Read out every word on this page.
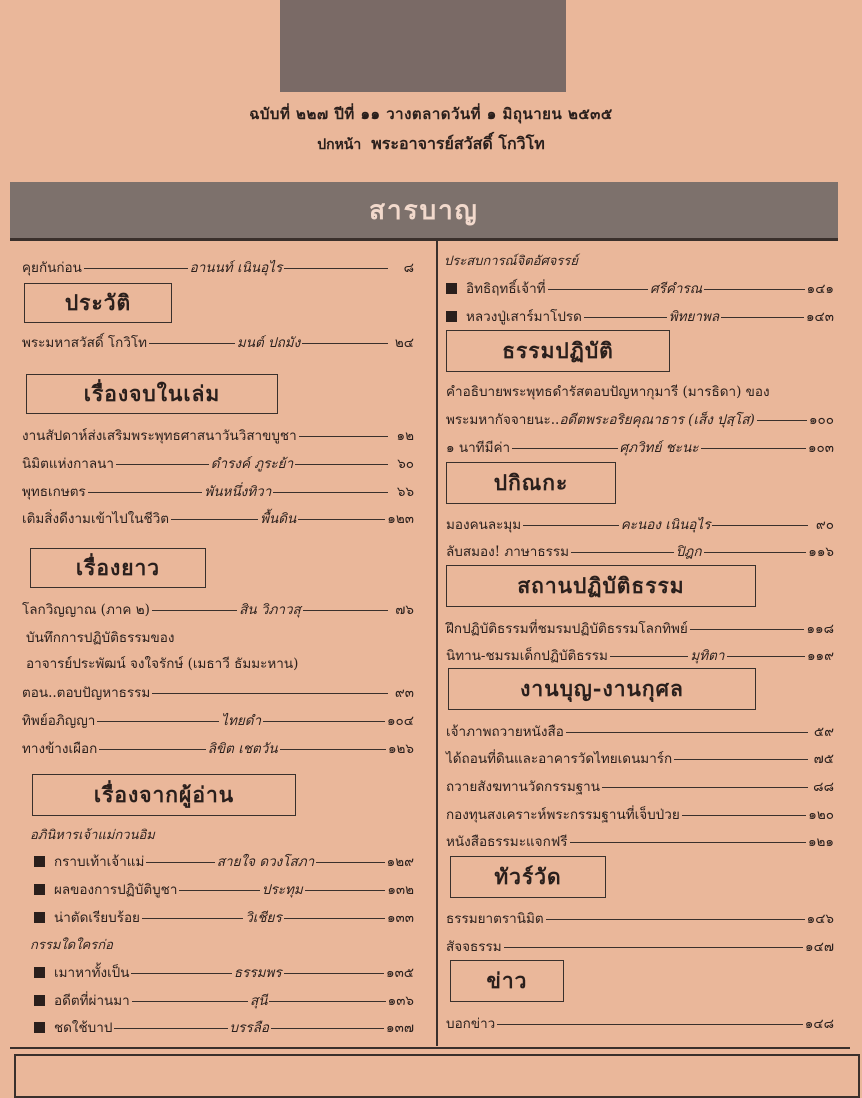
ฉบับที่ ๒๒๗ ปีที่ ๑๑ วางตลาดวันที่ ๑ มิถุนายน ๒๕๓๕
ปกหน้า พระอาจารย์สวัสดิ์ โกวิโท
สารบาญ
คุยกันก่อน	อานนท์ เนินอุไร	๘
ประวัติ
พระมหาสวัสดิ์ โกวิโท	มนต์ ปถมัง	๒๔
เรื่องจบในเล่ม
งานสัปดาห์ส่งเสริมพระพุทธศาสนาวันวิสาขบูชา	๑๒
นิมิตแห่งกาลนา	ดำรงค์ ภูระย้า	๖๐
พุทธเกษตร	พันหนึ่งทิวา	๖๖
เติมสิ่งดีงามเข้าไปในชีวิต	พื้นดิน	๑๒๓
เรื่องยาว
โลกวิญญาณ (ภาค ๒)	สิน วิภาวสุ	๗๖
บันทึกการปฏิบัติธรรมของ
อาจารย์ประพัฒน์ จงใจรักษ์ (เมธาวี ธัมมะหาน)
ตอน..ตอบปัญหาธรรม	๙๓
ทิพย์อภิญญา	ไทยดำ	๑๐๔
ทางข้างเผือก	ลิขิต เชตวัน	๑๒๖
เรื่องจากผู้อ่าน
อภินิหารเจ้าแม่กวนอิม
กราบเท้าเจ้าแม่	สายใจ ดวงโสภา	๑๒๙
ผลของการปฏิบัติบูชา	ประทุม	๑๓๒
น่าตัดเรียบร้อย	วิเชียร	๑๓๓
กรรมใดใครก่อ
เมาหาทั้งเป็น	ธรรมพร	๑๓๕
อดีตที่ผ่านมา	สุนี	๑๓๖
ชดใช้บาป	บรรลือ	๑๓๗
ประสบการณ์จิตอัศจรรย์
อิทธิฤทธิ์เจ้าที่	ศรีคำรณ	๑๔๑
หลวงปู่เสาร์มาโปรด	พิทยาพล	๑๔๓
ธรรมปฏิบัติ
คำอธิบายพระพุทธดำรัสตอบปัญหากุมารี (มารธิดา) ของ
พระมหากัจจายนะ.. อดีตพระอริยคุณาธาร (เส็ง ปุสฺโส)	๑๐๐
๑ นาทีมีค่า	ศุภวิทย์ ชะนะ	๑๐๓
ปกิณกะ
มองคนละมุม	คะนอง เนินอุไร	๙๐
ลับสมอง! ภาษาธรรม	ปิฎก	๑๑๖
สถานปฏิบัติธรรม
ฝึกปฏิบัติธรรมที่ชมรมปฏิบัติธรรมโลกทิพย์	๑๑๘
นิทาน-ชมรมเด็กปฏิบัติธรรม	มุทิตา	๑๑๙
งานบุญ-งานกุศล
เจ้าภาพถวายหนังสือ	๕๙
ได้ถอนที่ดินและอาคารวัดไทยเดนมาร์ก	๗๕
ถวายสังฆทานวัดกรรมฐาน	๘๘
กองทุนสงเคราะห์พระกรรมฐานที่เจ็บป่วย	๑๒๐
หนังสือธรรมะแจกฟรี	๑๒๑
ทัวร์วัด
ธรรมยาตรานิมิต	๑๔๖
สัจจธรรม	๑๔๗
ข่าว
บอกข่าว	๑๔๘
